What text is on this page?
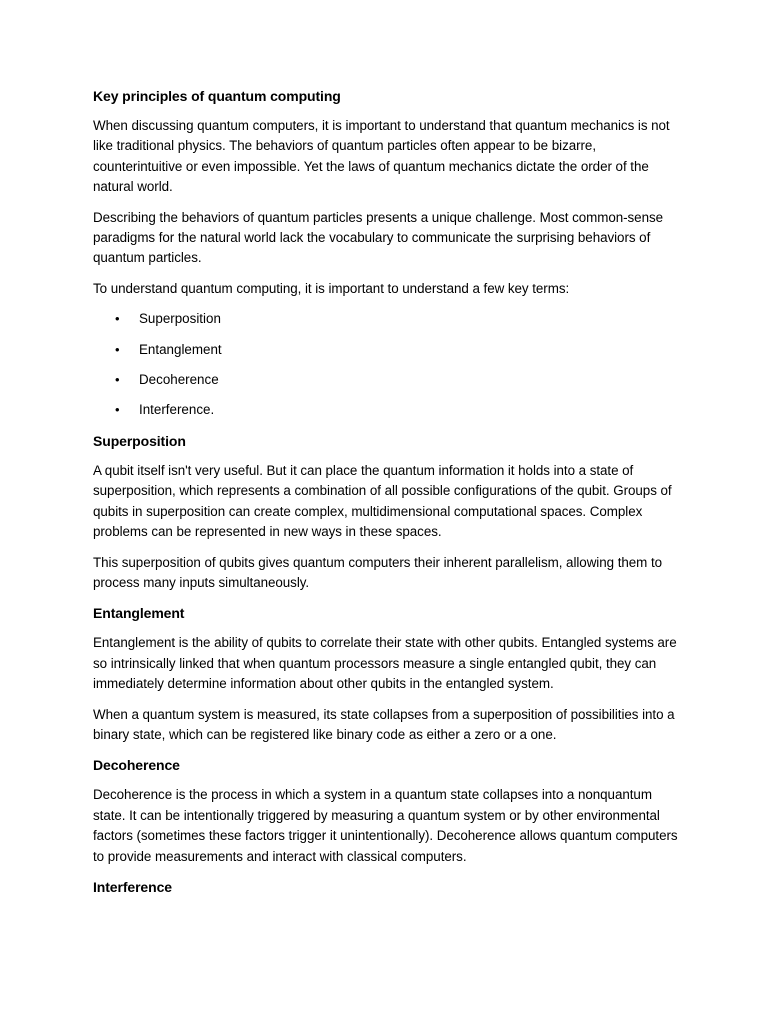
Key principles of quantum computing

When discussing quantum computers, it is important to understand that quantum mechanics is not like traditional physics. The behaviors of quantum particles often appear to be bizarre, counterintuitive or even impossible. Yet the laws of quantum mechanics dictate the order of the natural world.

Describing the behaviors of quantum particles presents a unique challenge. Most common-sense paradigms for the natural world lack the vocabulary to communicate the surprising behaviors of quantum particles.

To understand quantum computing, it is important to understand a few key terms:

• Superposition
• Entanglement
• Decoherence
• Interference.
Superposition

A qubit itself isn't very useful. But it can place the quantum information it holds into a state of superposition, which represents a combination of all possible configurations of the qubit. Groups of qubits in superposition can create complex, multidimensional computational spaces. Complex problems can be represented in new ways in these spaces.

This superposition of qubits gives quantum computers their inherent parallelism, allowing them to process many inputs simultaneously.

Entanglement

Entanglement is the ability of qubits to correlate their state with other qubits. Entangled systems are so intrinsically linked that when quantum processors measure a single entangled qubit, they can immediately determine information about other qubits in the entangled system.

When a quantum system is measured, its state collapses from a superposition of possibilities into a binary state, which can be registered like binary code as either a zero or a one.

Decoherence

Decoherence is the process in which a system in a quantum state collapses into a nonquantum state. It can be intentionally triggered by measuring a quantum system or by other environmental factors (sometimes these factors trigger it unintentionally). Decoherence allows quantum computers to provide measurements and interact with classical computers.

Interference
